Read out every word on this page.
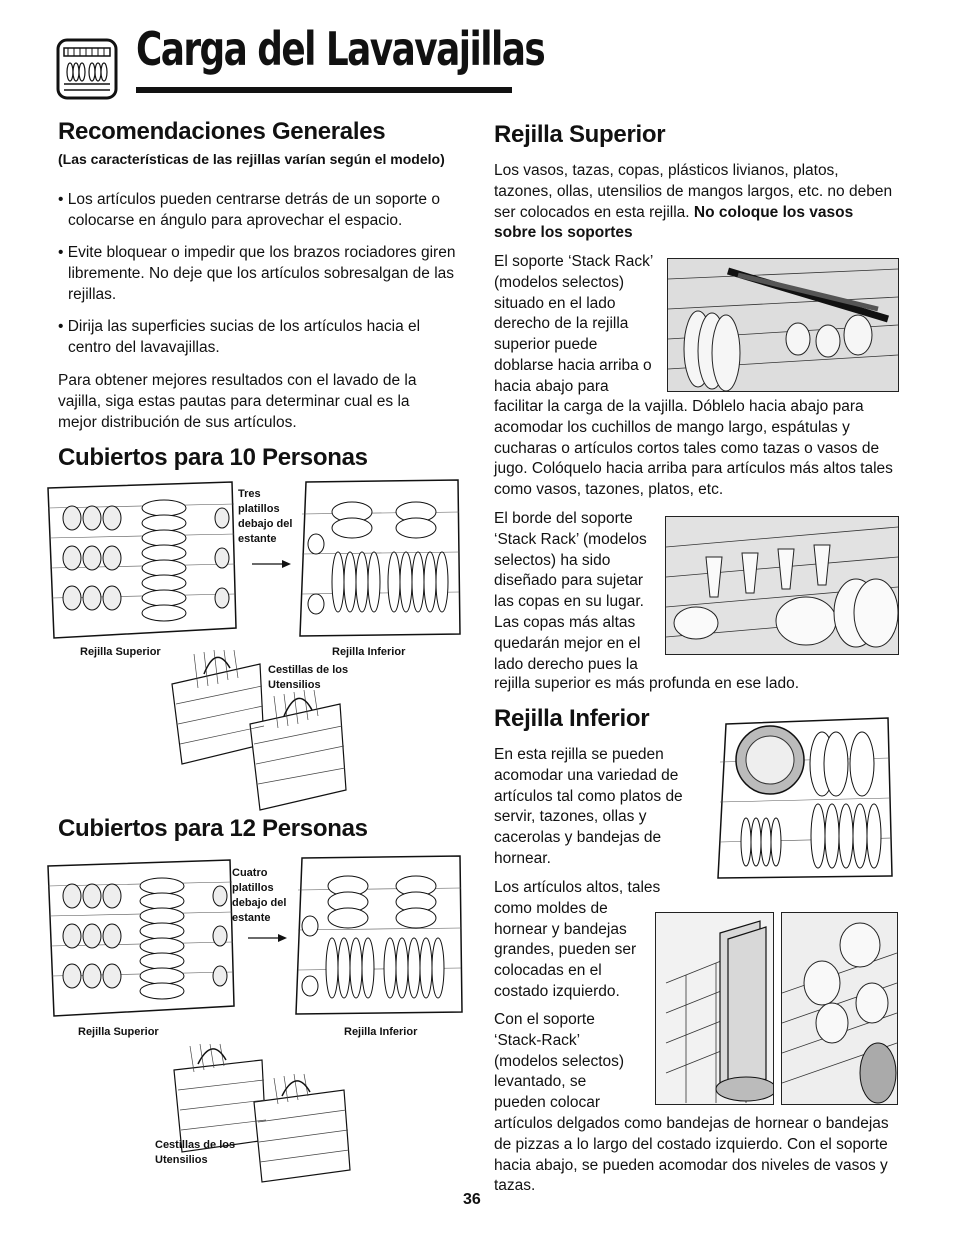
Carga del Lavavajillas
Recomendaciones Generales
(Las características de las rejillas varían según el modelo)
• Los artículos pueden centrarse detrás de un soporte o colocarse en ángulo para aprovechar el espacio.
• Evite bloquear o impedir que los brazos rociadores giren libremente. No deje que los artículos sobresalgan de las rejillas.
• Dirija las superficies sucias de los artículos hacia el centro del lavavajillas.
Para obtener mejores resultados con el lavado de la vajilla, siga estas pautas para determinar cual es la mejor distribución de sus artículos.
Cubiertos para 10 Personas
Tres platillos debajo del estante
Rejilla Superior	Rejilla Inferior
Cestillas de los Utensilios
Cubiertos para 12 Personas
Cuatro platillos debajo del estante
Rejilla Superior	Rejilla Inferior
Cestillas de los Utensilios
Rejilla Superior
Los vasos, tazas, copas, plásticos livianos, platos, tazones, ollas, utensilios de mangos largos, etc. no deben ser colocados en esta rejilla. No coloque los vasos sobre los soportes
El soporte ‘Stack Rack’
(modelos selectos)
situado en el lado
derecho de la rejilla
superior puede
doblarse hacia arriba o
hacia abajo para
facilitar la carga de la vajilla. Dóblelo hacia abajo para acomodar los cuchillos de mango largo, espátulas y cucharas o artículos cortos tales como tazas o vasos de jugo. Colóquelo hacia arriba para artículos más altos tales como vasos, tazones, platos, etc.
El borde del soporte
‘Stack Rack’ (modelos
selectos) ha sido
diseñado para sujetar
las copas en su lugar.
Las copas más altas
quedarán mejor en el
lado derecho pues la
rejilla superior es más profunda en ese lado.
Rejilla Inferior
En esta rejilla se pueden
acomodar una variedad de
artículos tal como platos de
servir, tazones, ollas y
cacerolas y bandejas de
hornear.
Los artículos altos, tales
como moldes de
hornear y bandejas
grandes, pueden ser
colocadas en el
costado izquierdo.
Con el soporte
‘Stack-Rack’
(modelos selectos)
levantado, se
pueden colocar
artículos delgados como bandejas de hornear o bandejas de pizzas a lo largo del costado izquierdo. Con el soporte hacia abajo, se pueden acomodar dos niveles de vasos y tazas.
36
